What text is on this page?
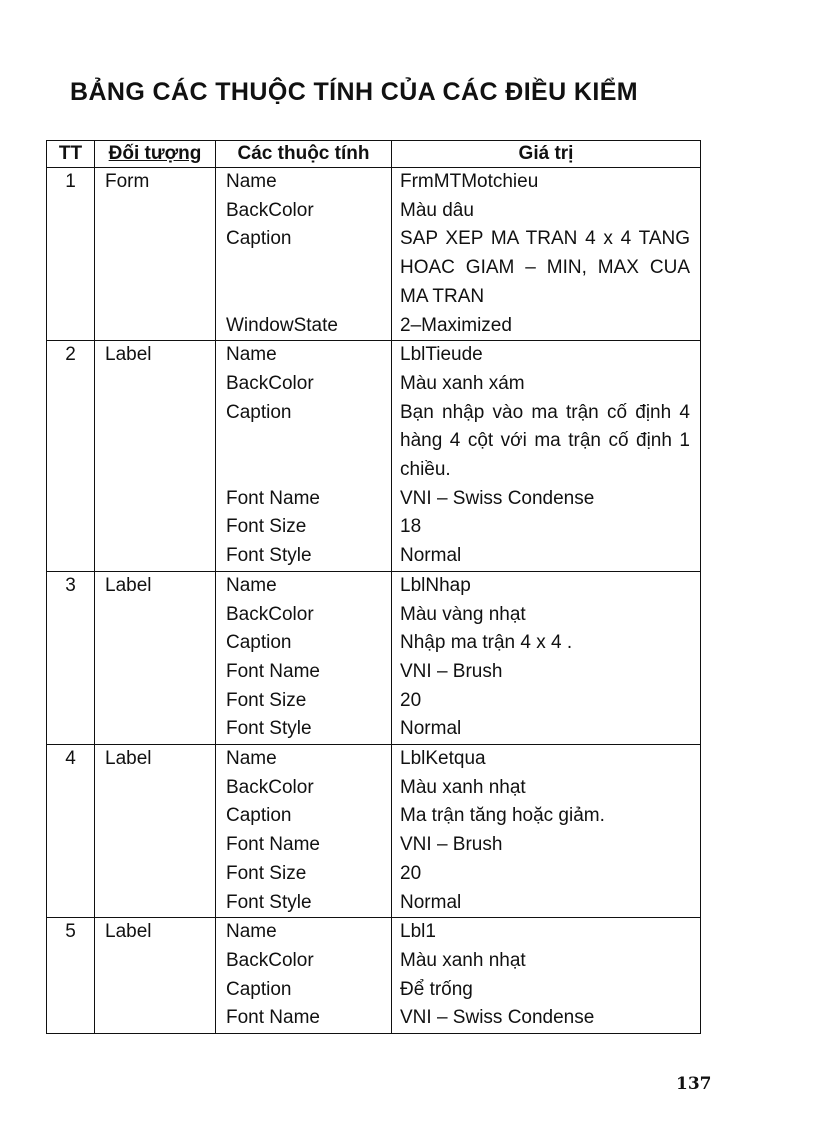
BẢNG CÁC THUỘC TÍNH CỦA CÁC ĐIỀU KIỂM
TT	Đối tượng	Các thuộc tính	Giá trị
1	Form	Name	FrmMTMotchieu

		BackColor	Màu dâu

		Caption	SAP XEP MA TRAN 4 x 4 TANG HOAC GIAM – MIN, MAX CUA MA TRAN

		WindowState	2–Maximized

2	Label	Name	LblTieude

		BackColor	Màu xanh xám

		Caption	Bạn nhập vào ma trận cố định 4 hàng 4 cột với ma trận cố định 1 chiều.

		Font Name	VNI – Swiss Condense

		Font Size	18

		Font Style	Normal

3	Label	Name	LblNhap

		BackColor	Màu vàng nhạt

		Caption	Nhập ma trận 4 x 4 .

		Font Name	VNI – Brush

		Font Size	20

		Font Style	Normal

4	Label	Name	LblKetqua

		BackColor	Màu xanh nhạt

		Caption	Ma trận tăng hoặc giảm.

		Font Name	VNI – Brush

		Font Size	20

		Font Style	Normal

5	Label	Name	Lbl1

		BackColor	Màu xanh nhạt

		Caption	Để trống

		Font Name	VNI – Swiss Condense
137
